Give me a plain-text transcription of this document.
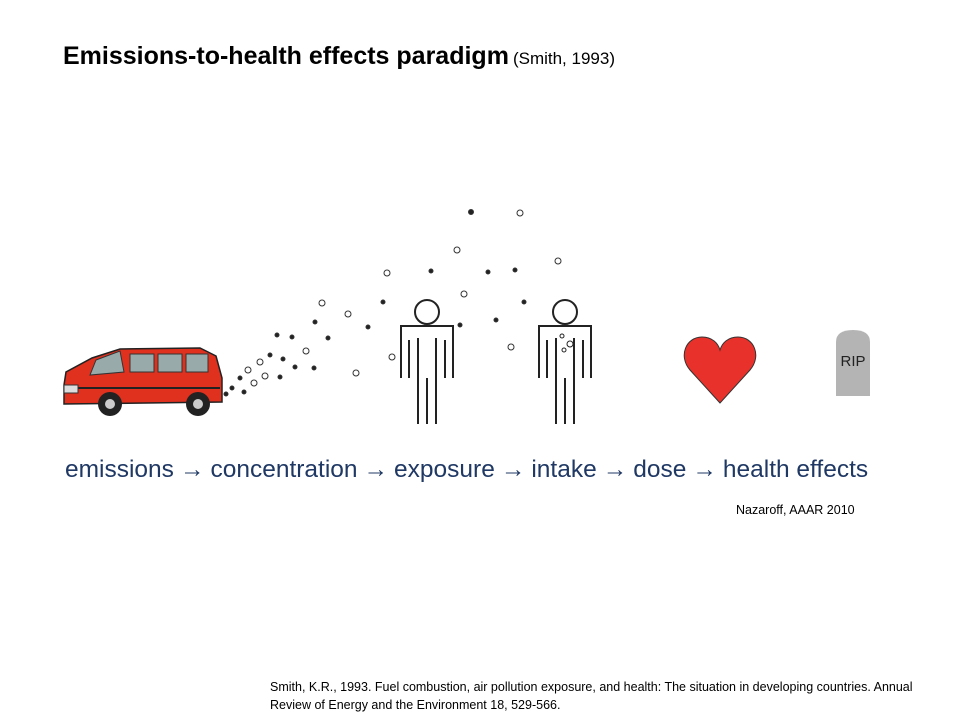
Emissions-to-health effects paradigm (Smith, 1993)
RIP
emissions → concentration → exposure → intake → dose → health effects
Nazaroff, AAAR 2010
Smith, K.R., 1993. Fuel combustion, air pollution exposure, and health: The situation in developing countries. Annual Review of Energy and the Environment 18, 529-566.
